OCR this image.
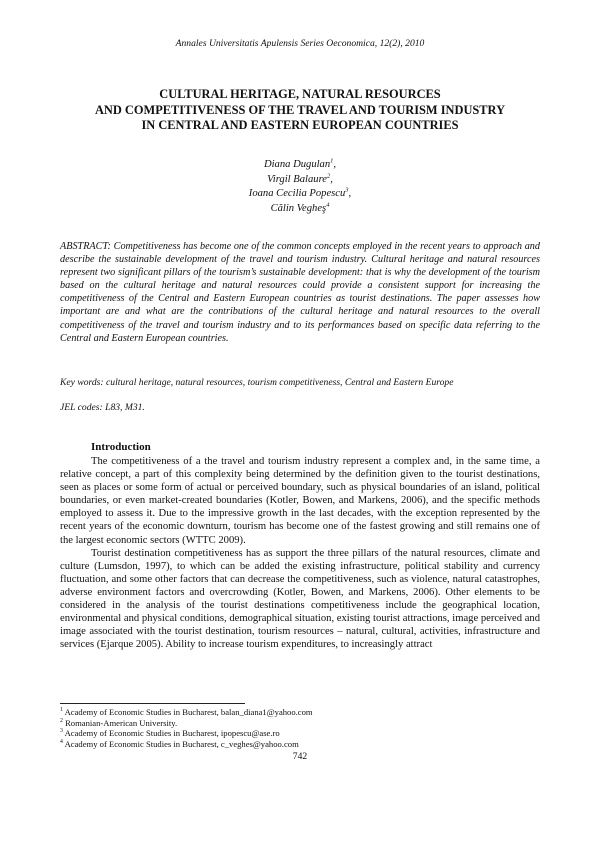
Annales Universitatis Apulensis Series Oeconomica, 12(2), 2010
CULTURAL HERITAGE, NATURAL RESOURCES
AND COMPETITIVENESS OF THE TRAVEL AND TOURISM INDUSTRY
IN CENTRAL AND EASTERN EUROPEAN COUNTRIES
Diana Dugulan$^1$,
Virgil Balaure$^2$,
Ioana Cecilia Popescu$^3$,
Călin Vegheş$^4$
ABSTRACT: Competitiveness has become one of the common concepts employed in the recent years to approach and describe the sustainable development of the travel and tourism industry. Cultural heritage and natural resources represent two significant pillars of the tourism’s sustainable development: that is why the development of the tourism based on the cultural heritage and natural resources could provide a consistent support for increasing the competitiveness of the Central and Eastern European countries as tourist destinations. The paper assesses how important are and what are the contributions of the cultural heritage and natural resources to the overall competitiveness of the travel and tourism industry and to its performances based on specific data referring to the Central and Eastern European countries.
Key words: cultural heritage, natural resources, tourism competitiveness, Central and Eastern Europe
JEL codes: L83, M31.
Introduction

The competitiveness of a the travel and tourism industry represent a complex and, in the same time, a relative concept, a part of this complexity being determined by the definition given to the tourist destinations, seen as places or some form of actual or perceived boundary, such as physical boundaries of an island, political boundaries, or even market-created boundaries (Kotler, Bowen, and Markens, 2006), and the specific methods employed to assess it. Due to the impressive growth in the last decades, with the exception represented by the recent years of the economic downturn, tourism has become one of the fastest growing and still remains one of the largest economic sectors (WTTC 2009).

Tourist destination competitiveness has as support the three pillars of the natural resources, climate and culture (Lumsdon, 1997), to which can be added the existing infrastructure, political stability and currency fluctuation, and some other factors that can decrease the competitiveness, such as violence, natural catastrophes, adverse environment factors and overcrowding (Kotler, Bowen, and Markens, 2006). Other elements to be considered in the analysis of the tourist destinations competitiveness include the geographical location, environmental and physical conditions, demographical situation, existing tourist attractions, image perceived and image associated with the tourist destination, tourism resources – natural, cultural, activities, infrastructure and services (Ejarque 2005). Ability to increase tourism expenditures, to increasingly attract

$^1$ Academy of Economic Studies in Bucharest, balan_diana1@yahoo.com
$^2$ Romanian-American University.
$^3$ Academy of Economic Studies in Bucharest, ipopescu@ase.ro
$^4$ Academy of Economic Studies in Bucharest, c_veghes@yahoo.com
742
